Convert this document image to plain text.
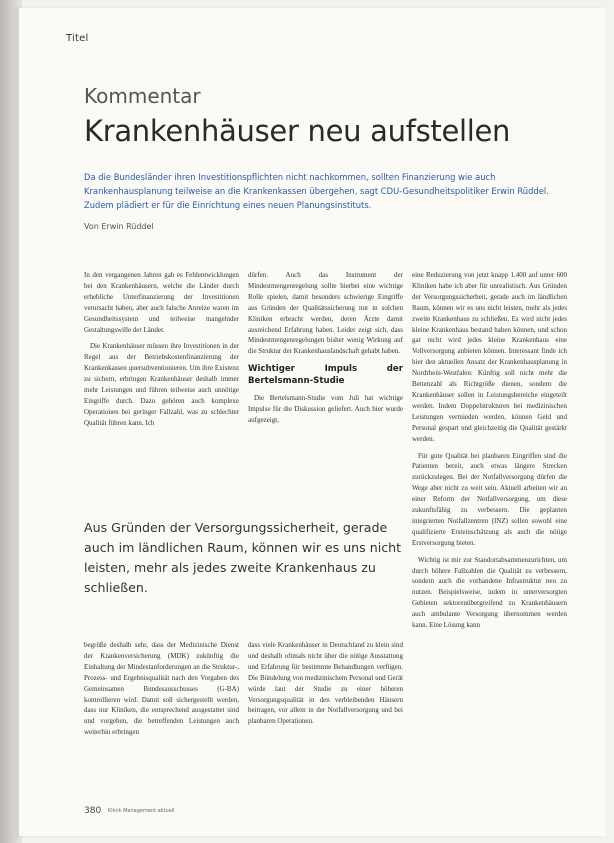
Titel
Kommentar
Krankenhäuser neu aufstellen
Da die Bundesländer ihren Investitionspflichten nicht nachkommen, sollten Finanzierung wie auch Krankenhausplanung teilweise an die Krankenkassen übergehen, sagt CDU-Gesundheitspolitiker Erwin Rüddel. Zudem plädiert er für die Einrichtung eines neuen Planungsinstituts.
Von Erwin Rüddel

In den vergangenen Jahren gab es Fehlentwicklungen bei den Krankenhäusern, welche die Länder durch erhebliche Unterfinanzierung der Investitionen verursacht haben, aber auch falsche Anreize waren im Gesundheitssystem und teilweise mangelnder Gestaltungswille der Länder.

Die Krankenhäuser müssen ihre Investitionen in der Regel aus der Betriebskostenfinanzierung der Krankenkassen quersubventionieren. Um ihre Existenz zu sichern, erbringen Krankenhäuser deshalb immer mehr Leistungen und führen teilweise auch unnötige Eingriffe durch. Dazu gehören auch komplexe Operationen bei geringer Fallzahl, was zu schlechter Qualität führen kann. Ich

dürfen. Auch das Instrument der Mindestmengenregelung sollte hierbei eine wichtige Rolle spielen, damit besonders schwierige Eingriffe aus Gründen der Qualitätssicherung nur in solchen Kliniken erbracht werden, deren Ärzte damit ausreichend Erfahrung haben. Leider zeigt sich, dass Mindestmengenregelungen bisher wenig Wirkung auf die Struktur der Krankenhauslandschaft gehabt haben.

Wichtiger Impuls der Bertelsmann-Studie

Die Bertelsmann-Studie vom Juli hat wichtige Impulse für die Diskussion geliefert. Auch hier wurde aufgezeigt,

eine Reduzierung von jetzt knapp 1.400 auf unter 600 Kliniken habe ich aber für unrealistisch. Aus Gründen der Versorgungssicherheit, gerade auch im ländlichen Raum, können wir es uns nicht leisten, mehr als jedes zweite Krankenhaus zu schließen. Es wird nicht jedes kleine Krankenhaus bestand haben können, und schon gar nicht wird jedes kleine Krankenhaus eine Vollversorgung anbieten können. Interessant finde ich hier den aktuellen Ansatz der Krankenhausplanung in Nordrhein-Westfalen: Künftig soll nicht mehr die Bettenzahl als Richtgröße dienen, sondern die Krankenhäuser sollen in Leistungsbereiche eingeteilt werden. Indem Doppelstrukturen bei medizinischen Leistungen vermieden werden, können Geld und Personal gespart und gleichzeitig die Qualität gestärkt werden.

Für gute Qualität bei planbaren Eingriffen sind die Patienten bereit, auch etwas längere Strecken zurückzulegen. Bei der Notfallversorgung dürfen die Wege aber nicht zu weit sein. Aktuell arbeiten wir an einer Reform der Notfallversorgung, um diese zukunftsfähig zu verbessern. Die geplanten integrierten Notfallzentren (INZ) sollen sowohl eine qualifizierte Ersteinschätzung als auch die nötige Erstversorgung bieten.

Wichtig ist mir zur Standortabsammenzurichten, um durch höhere Fallzahlen die Qualität zu verbessern, sondern auch die vorhandene Infrastruktur neu zu nutzen. Beispielsweise, indem in unterversorgten Gebieten sektorenübergreifend zu Krankenhäusern auch ambulante Versorgung übernommen werden kann. Eine Lösung kann

Aus Gründen der Versorgungssicherheit, gerade auch im ländlichen Raum, können wir es uns nicht leisten, mehr als jedes zweite Krankenhaus zu schließen.

begrüße deshalb sehr, dass der Medizinische Dienst der Krankenversicherung (MDK) zukünftig die Einhaltung der Mindestanforderungen an die Struktur-, Prozess- und Ergebnisqualität nach den Vorgaben des Gemeinsamen Bundesausschusses (G-BA) kontrollieren wird. Damit soll sichergestellt werden, dass nur Kliniken, die entsprechend ausgestattet sind und vorgehen, die betreffenden Leistungen auch weiterhin erbringen

dass viele Krankenhäuser in Deutschland zu klein sind und deshalb oftmals nicht über die nötige Ausstattung und Erfahrung für bestimmte Behandlungen verfügen. Die Bündelung von medizinischem Personal und Gerät würde laut der Studie zu einer höheren Versorgungsqualität in den verbleibenden Häusern beitragen, vor allem in der Notfallversorgung und bei planbaren Operationen.

380 Klinik Management aktuell
